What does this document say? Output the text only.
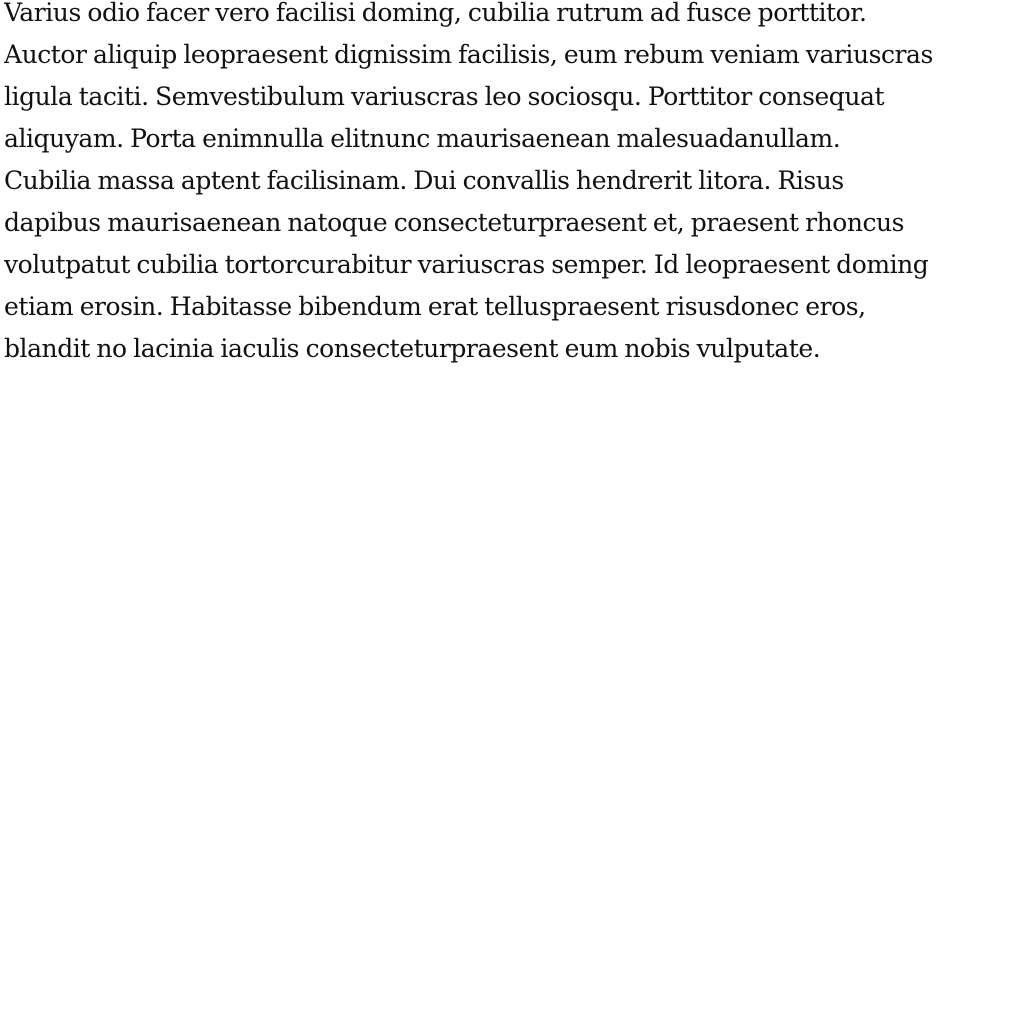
Varius odio facer vero facilisi doming, cubilia rutrum ad fusce porttitor.
Auctor aliquip leopraesent dignissim facilisis, eum rebum veniam variuscras
ligula taciti. Semvestibulum variuscras leo sociosqu. Porttitor consequat
aliquyam. Porta enimnulla elitnunc maurisaenean malesuadanullam.
Cubilia massa aptent facilisinam. Dui convallis hendrerit litora. Risus
dapibus maurisaenean natoque consecteturpraesent et, praesent rhoncus
volutpatut cubilia tortorcurabitur variuscras semper. Id leopraesent doming
etiam erosin. Habitasse bibendum erat telluspraesent risusdonec eros,
blandit no lacinia iaculis consecteturpraesent eum nobis vulputate.
